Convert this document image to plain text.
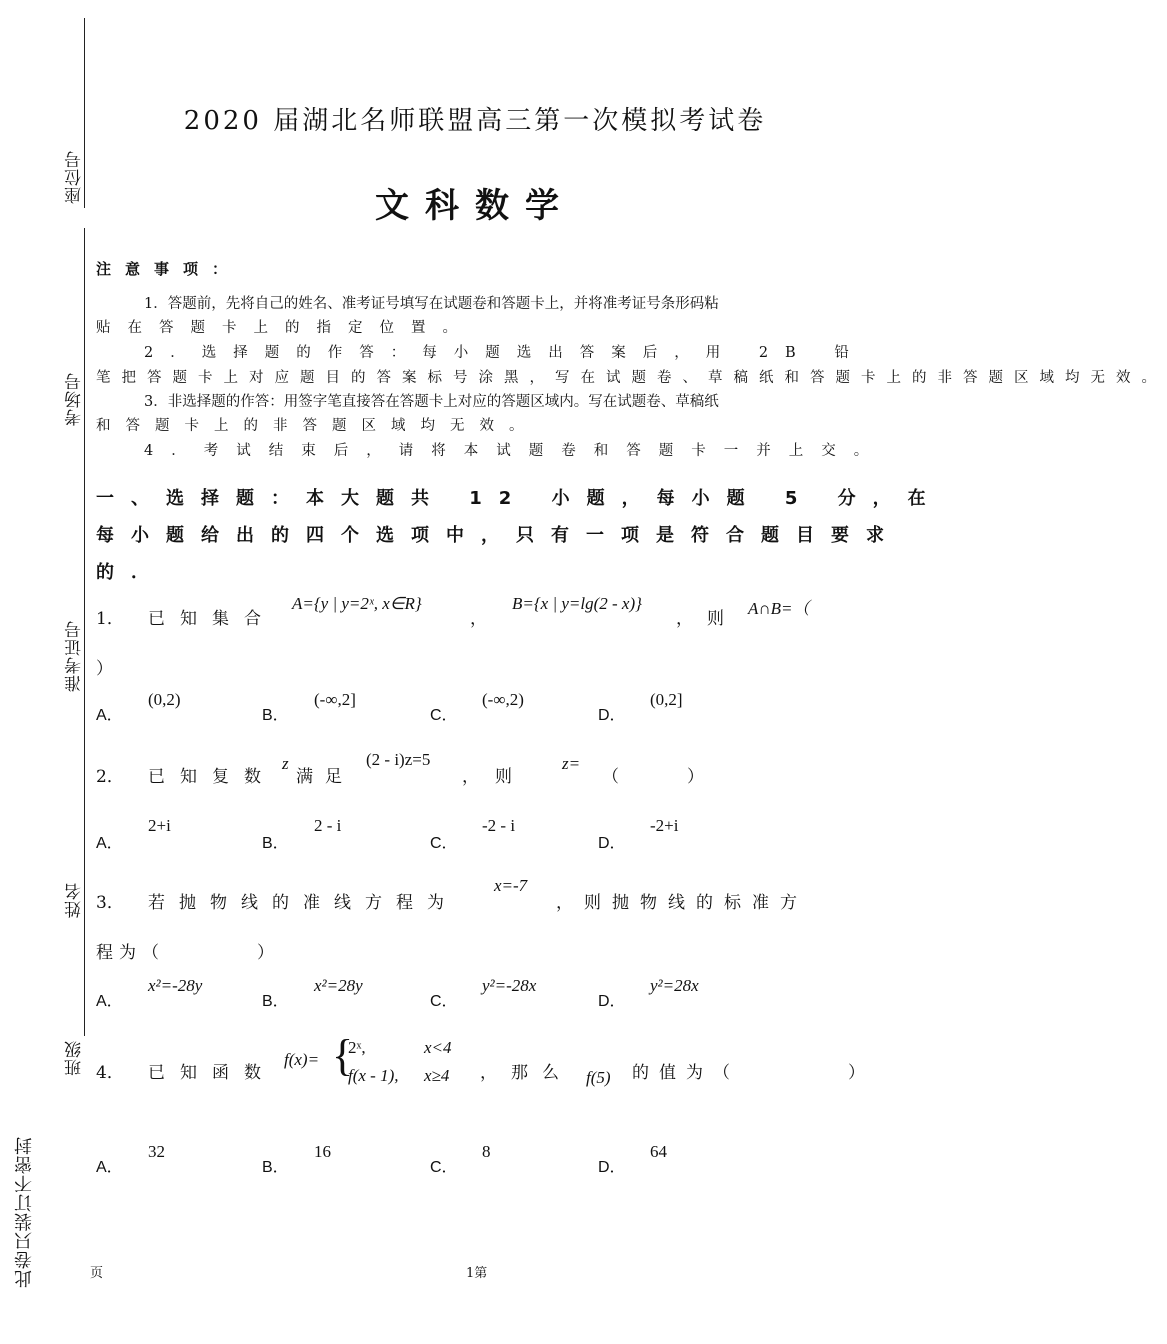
座位号
考场号
准考证号
姓名
班级
此卷只装订不密封
2020 届湖北名师联盟高三第一次模拟考试卷
文科数学
注意事项：
1．答题前，先将自己的姓名、准考证号填写在试题卷和答题卡上，并将准考证号条形码粘
贴在答题卡上的指定位置。
2．选择题的作答：每小题选出答案后，用 2B 铅
笔把答题卡上对应题目的答案标号涂黑，写在试题卷、草稿纸和答题卡上的非答题区域均无效。
3．非选择题的作答：用签字笔直接答在答题卡上对应的答题区域内。写在试题卷、草稿纸
和答题卡上的非答题区域均无效。
4．考试结束后，请将本试题卷和答题卡一并上交。
一、选择题：本大题共 12 小题，每小题 5 分，在
每小题给出的四个选项中，只有一项是符合题目要求
的．
1． 已知集合
A={y | y=2ˣ, x∈R}
，
B={x | y=lg(2 - x)}
，则
A∩B=（
）
A．
(0,2)
B．
(-∞,2]
C．
(-∞,2)
D．
(0,2]
2． 已知复数
z
满足
(2 - i)z=5
，则
z=
（　　　　）
A．
2+i
B．
2 - i
C．
-2 - i
D．
-2+i
3． 若抛物线的准线方程为
x=-7
，则抛物线的标准方
程为（　　　　）
A．
x²=-28y
B．
x²=28y
C．
y²=-28x
D．
y²=28x
4． 已知函数
f(x)= {
2ˣ,	x<4
f(x - 1), x≥4 ，那么 f(5) 的值为（　　　　）
A．
32
B．
16
C．
8
D．
64
页	1第
